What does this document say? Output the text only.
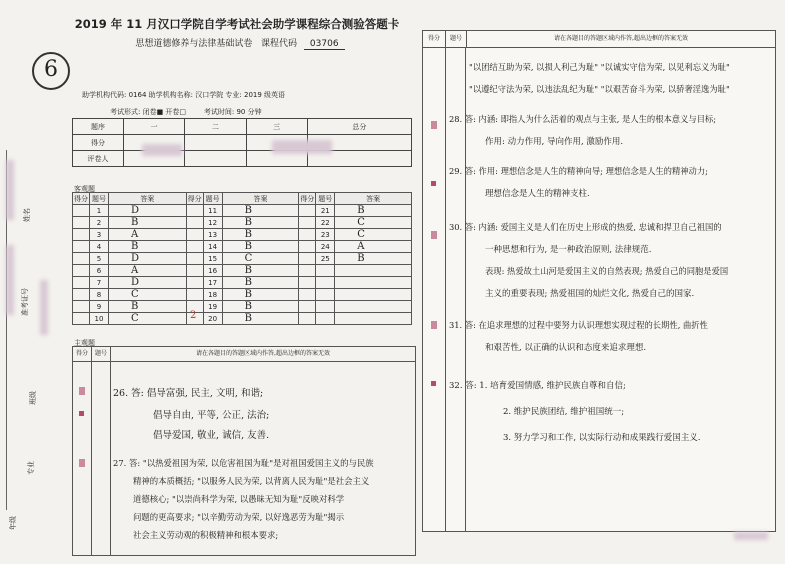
姓名
准考证号
班级
专业
年级
2019 年 11 月汉口学院自学考试社会助学课程综合测验答题卡
思想道德修养与法律基础试卷 课程代码 03706
6
助学机构代码: 0164 助学机构名称: 汉口学院 专业: 2019 级英语
考试形式: 闭卷■ 开卷□	考试时间: 90 分钟
题序	一	二	三	总分
得分				
评卷人				
客观题
得分	题号	答案	得分	题号	答案	得分	题号	答案
	1	D		11	B		21	B
	2	B		12	B		22	C
	3	A		13	B		23	C
	4	B		14	B		24	A
	5	D		15	C		25	B
	6	A		16	B			
	7	D		17	B			
	8	C		18	B			
	9	B		19	B			
	10	C		20	B			
2
主观题
得分	题号	请在各题目的答题区域内作答,超出边框的答案无效
26. 答: 倡导富强, 民主, 文明, 和谐;
倡导自由, 平等, 公正, 法治;
倡导爱国, 敬业, 诚信, 友善.
27. 答: "以热爱祖国为荣, 以危害祖国为耻"是对祖国爱国主义的与民族
精神的本质概括; "以服务人民为荣, 以背离人民为耻"是社会主义
道德核心; "以崇尚科学为荣, 以愚昧无知为耻"反映对科学
问题的更高要求; "以辛勤劳动为荣, 以好逸恶劳为耻"揭示
社会主义劳动观的积极精神和根本要求;
得分	题号	请在各题目的答题区域内作答,超出边框的答案无效
"以团结互助为荣, 以损人利己为耻" "以诚实守信为荣, 以见利忘义为耻"
"以遵纪守法为荣, 以违法乱纪为耻" "以艰苦奋斗为荣, 以骄奢淫逸为耻"
28. 答: 内涵: 即指人为什么活着的观点与主张, 是人生的根本意义与目标;
作用: 动力作用, 导向作用, 激励作用.
29. 答: 作用: 理想信念是人生的精神向导; 理想信念是人生的精神动力;
理想信念是人生的精神支柱.
30. 答: 内涵: 爱国主义是人们在历史上形成的热爱, 忠诚和捍卫自己祖国的
一种思想和行为, 是一种政治原则, 法律规范.
表现: 热爱故土山河是爱国主义的自然表现; 热爱自己的同胞是爱国
主义的重要表现; 热爱祖国的灿烂文化, 热爱自己的国家.
31. 答: 在追求理想的过程中要努力认识理想实现过程的长期性, 曲折性
和艰苦性, 以正确的认识和态度来追求理想.
32. 答: 1. 培育爱国情感, 维护民族自尊和自信;
2. 维护民族团结, 维护祖国统一;
3. 努力学习和工作, 以实际行动和成果践行爱国主义.
